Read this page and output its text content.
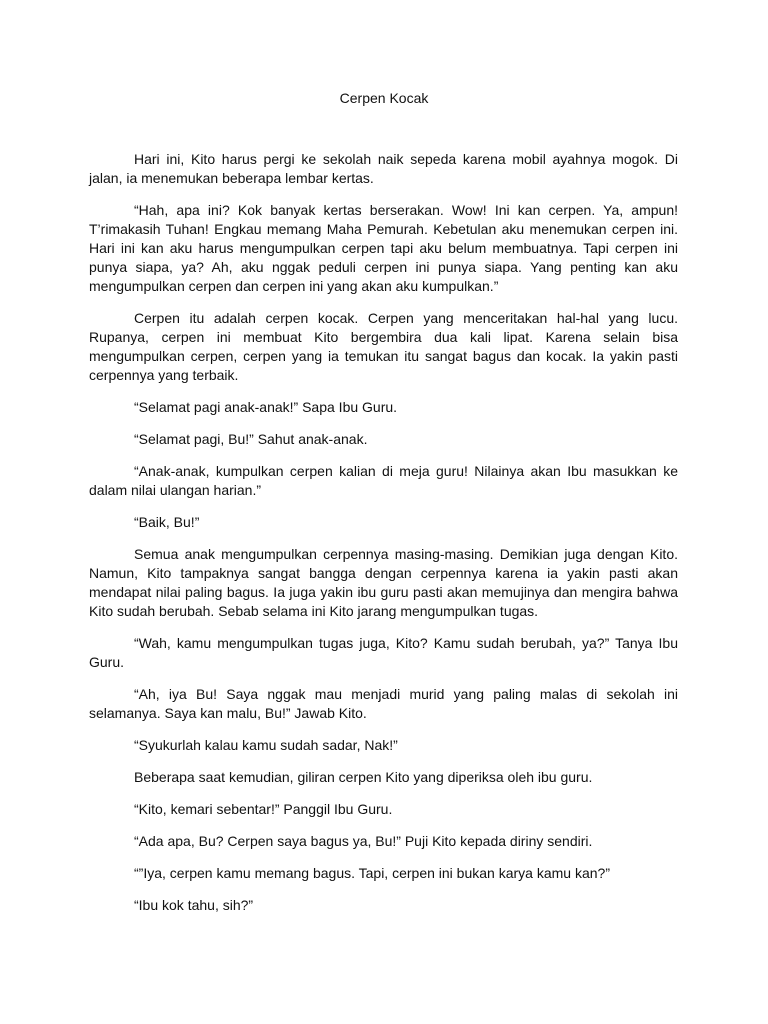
Cerpen Kocak

Hari ini, Kito harus pergi ke sekolah naik sepeda karena mobil ayahnya mogok. Di jalan, ia menemukan beberapa lembar kertas.

“Hah, apa ini? Kok banyak kertas berserakan. Wow! Ini kan cerpen. Ya, ampun! T’rimakasih Tuhan! Engkau memang Maha Pemurah. Kebetulan aku menemukan cerpen ini. Hari ini kan aku harus mengumpulkan cerpen tapi aku belum membuatnya. Tapi cerpen ini punya siapa, ya? Ah, aku nggak peduli cerpen ini punya siapa. Yang penting kan aku mengumpulkan cerpen dan cerpen ini yang akan aku kumpulkan.”

Cerpen itu adalah cerpen kocak. Cerpen yang menceritakan hal-hal yang lucu. Rupanya, cerpen ini membuat Kito bergembira dua kali lipat. Karena selain bisa mengumpulkan cerpen, cerpen yang ia temukan itu sangat bagus dan kocak. Ia yakin pasti cerpennya yang terbaik.

“Selamat pagi anak-anak!” Sapa Ibu Guru.

“Selamat pagi, Bu!” Sahut anak-anak.

“Anak-anak, kumpulkan cerpen kalian di meja guru! Nilainya akan Ibu masukkan ke dalam nilai ulangan harian.”

“Baik, Bu!”

Semua anak mengumpulkan cerpennya masing-masing. Demikian juga dengan Kito. Namun, Kito tampaknya sangat bangga dengan cerpennya karena ia yakin pasti akan mendapat nilai paling bagus. Ia juga yakin ibu guru pasti akan memujinya dan mengira bahwa Kito sudah berubah. Sebab selama ini Kito jarang mengumpulkan tugas.

“Wah, kamu mengumpulkan tugas juga, Kito? Kamu sudah berubah, ya?” Tanya Ibu Guru.

“Ah, iya Bu! Saya nggak mau menjadi murid yang paling malas di sekolah ini selamanya. Saya kan malu, Bu!” Jawab Kito.

“Syukurlah kalau kamu sudah sadar, Nak!”

Beberapa saat kemudian, giliran cerpen Kito yang diperiksa oleh ibu guru.

“Kito, kemari sebentar!” Panggil Ibu Guru.

“Ada apa, Bu? Cerpen saya bagus ya, Bu!” Puji Kito kepada diriny sendiri.

“”Iya, cerpen kamu memang bagus. Tapi, cerpen ini bukan karya kamu kan?”

“Ibu kok tahu, sih?”
